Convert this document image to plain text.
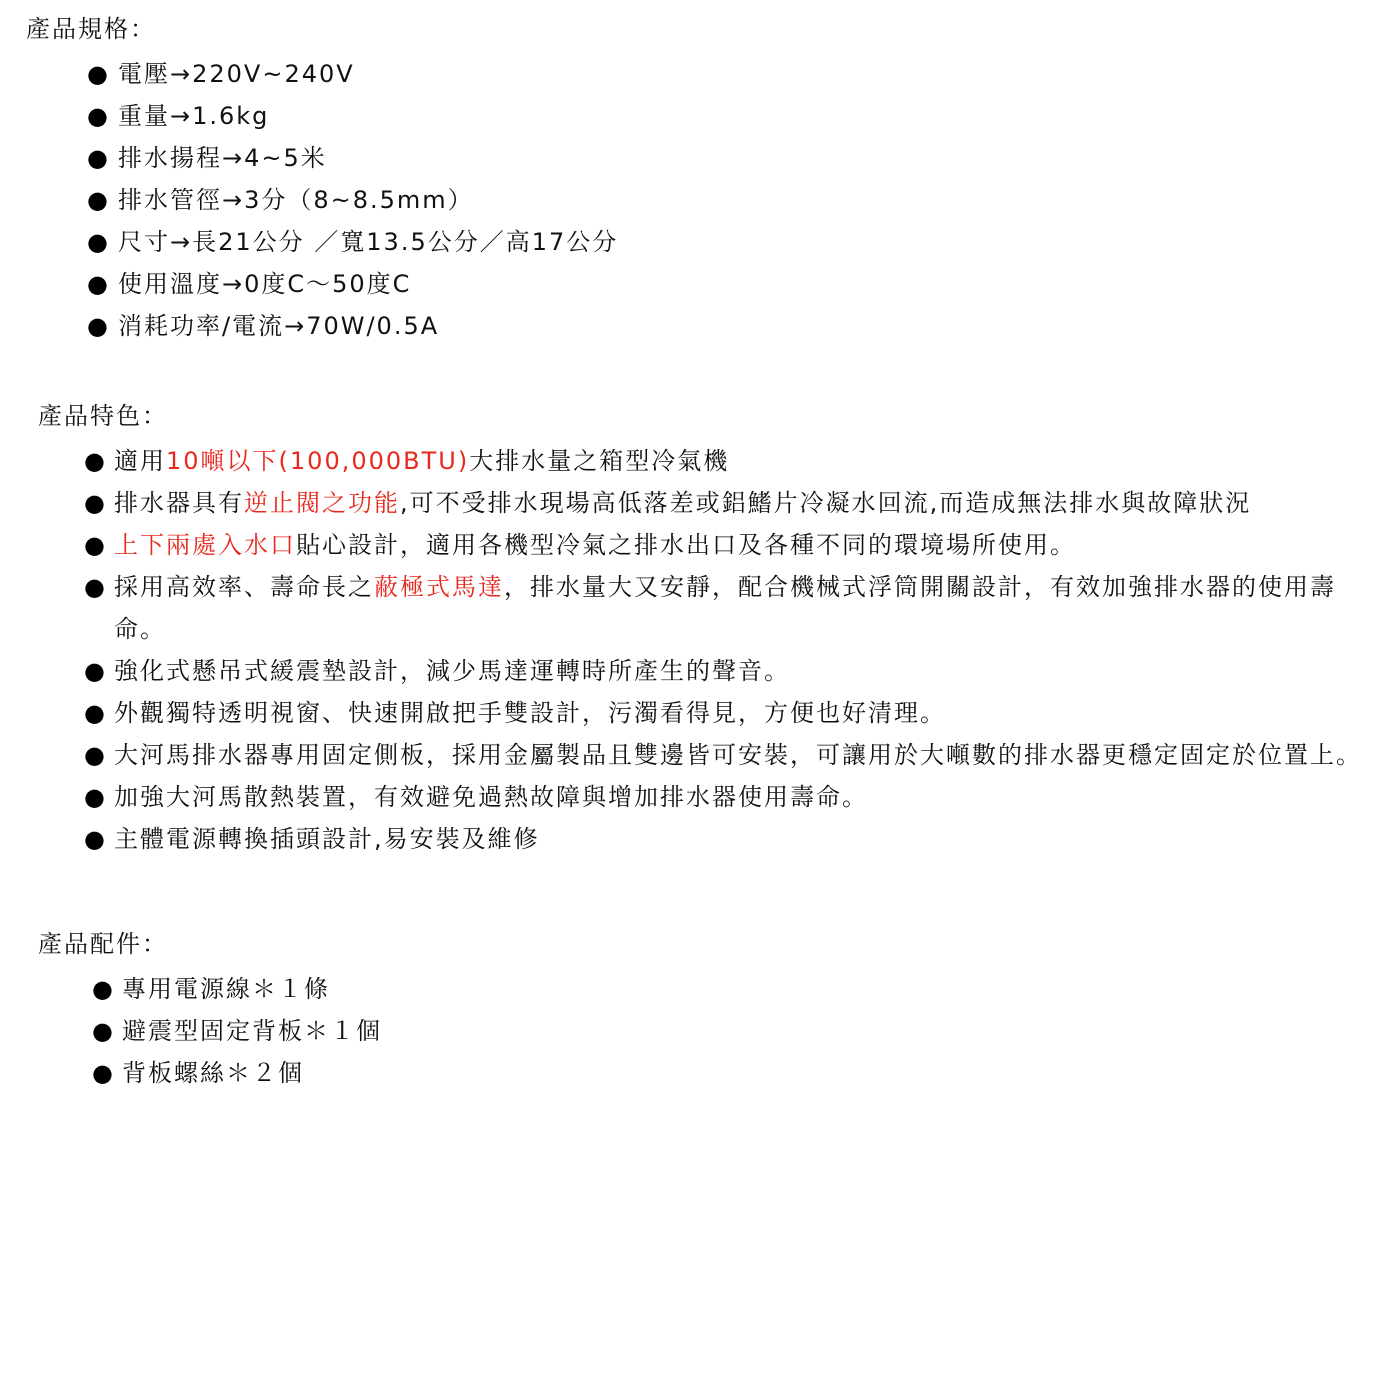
產品規格：
● 電壓→220V~240V
● 重量→1.6kg
● 排水揚程→4~5米
● 排水管徑→3分（8~8.5mm）
● 尺寸→長21公分 ／寬13.5公分／高17公分
● 使用溫度→0度C～50度C
● 消耗功率/電流→70W/0.5A
產品特色：
● 適用10噸以下(100,000BTU)大排水量之箱型冷氣機
● 排水器具有逆止閥之功能,可不受排水現場高低落差或鋁鰭片冷凝水回流,而造成無法排水與故障狀況
● 上下兩處入水口貼心設計，適用各機型冷氣之排水出口及各種不同的環境場所使用。
● 採用高效率、壽命長之蔽極式馬達，排水量大又安靜，配合機械式浮筒開關設計，有效加強排水器的使用壽命。
● 強化式懸吊式緩震墊設計，減少馬達運轉時所產生的聲音。
● 外觀獨特透明視窗、快速開啟把手雙設計，污濁看得見，方便也好清理。
● 大河馬排水器專用固定側板，採用金屬製品且雙邊皆可安裝，可讓用於大噸數的排水器更穩定固定於位置上。
● 加強大河馬散熱裝置，有效避免過熱故障與增加排水器使用壽命。
● 主體電源轉換插頭設計,易安裝及維修
產品配件：
● 專用電源線＊１條
● 避震型固定背板＊１個
● 背板螺絲＊２個
